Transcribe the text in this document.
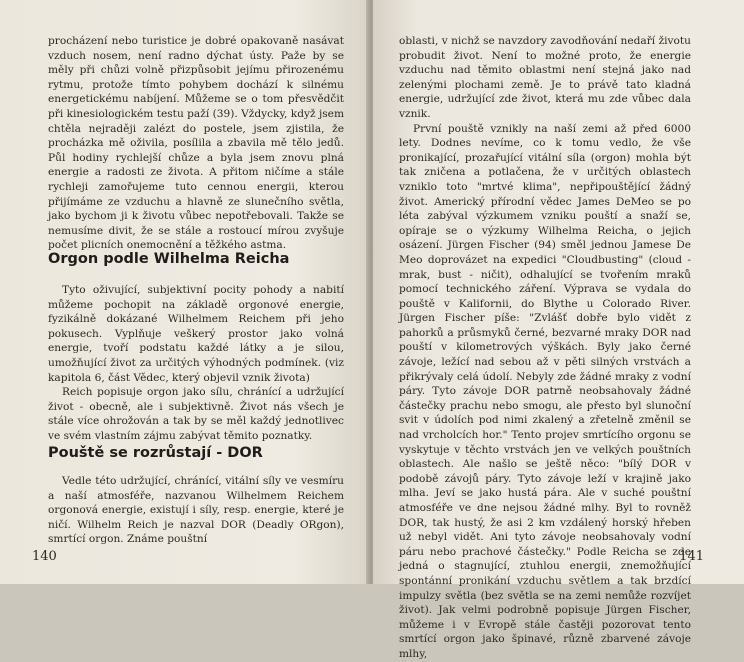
procházení nebo turistice je dobré opakovaně nasávat vzduch nosem, není radno dýchat ústy. Paže by se měly při chůzi volně přizpůsobit jejímu přirozenému rytmu, protože tímto pohybem dochází k silnému energetickému nabíjení. Můžeme se o tom přesvědčit při kinesiologickém testu paží (39). Vždycky, když jsem chtěla nejraději zalézt do postele, jsem zjistila, že procházka mě oživila, posílila a zbavila mě tělo jedů. Půl hodiny rychlejší chůze a byla jsem znovu plná energie a radosti ze života. A přitom ničíme a stále rychleji zamořujeme tuto cennou energii, kterou přijímáme ze vzduchu a hlavně ze slunečního světla, jako bychom ji k životu vůbec nepotřebovali. Takže se nemusíme divit, že se stále a rostoucí mírou zvyšuje počet plicních onemocnění a těžkého astma.

Orgon podle Wilhelma Reicha

Tyto oživující, subjektivní pocity pohody a nabití můžeme pochopit na základě orgonové energie, fyzikálně dokázané Wilhelmem Reichem při jeho pokusech. Vyplňuje veškerý prostor jako volná energie, tvoří podstatu každé látky a je silou, umožňující život za určitých výhodných podmínek. (viz kapitola 6, část Vědec, který objevil vznik života)

Reich popisuje orgon jako sílu, chránící a udržující život - obecně, ale i subjektivně. Život nás všech je stále více ohrožován a tak by se měl každý jednotlivec ve svém vlastním zájmu zabývat těmito poznatky.

Pouště se rozrůstají - DOR

Vedle této udržující, chránící, vitální síly ve vesmíru a naší atmosféře, nazvanou Wilhelmem Reichem orgonová energie, existují i síly, resp. energie, které je ničí. Wilhelm Reich je nazval DOR (Deadly ORgon), smrtící orgon. Známe pouštní

140

oblasti, v nichž se navzdory zavodňování nedaří životu probudit život. Není to možné proto, že energie vzduchu nad těmito oblastmi není stejná jako nad zelenými plochami země. Je to právě tato kladná energie, udržující zde život, která mu zde vůbec dala vznik.

První pouště vznikly na naší zemi až před 6000 lety. Dodnes nevíme, co k tomu vedlo, že vše pronikající, prozařující vitální síla (orgon) mohla být tak zničena a potlačena, že v určitých oblastech vzniklo toto "mrtvé klima", nepřipouštějící žádný život. Americký přírodní vědec James DeMeo se po léta zabýval výzkumem vzniku pouští a snaží se, opíraje se o výzkumy Wilhelma Reicha, o jejich osázení. Jürgen Fischer (94) směl jednou Jamese De Meo doprovázet na expedici "Cloudbusting" (cloud - mrak, bust - ničit), odhalující se tvořením mraků pomocí technického záření. Výprava se vydala do pouště v Kalifornii, do Blythe u Colorado River. Jürgen Fischer píše: "Zvlášť dobře bylo vidět z pahorků a průsmyků černé, bezvarné mraky DOR nad pouští v kilometrových výškách. Byly jako černé závoje, ležící nad sebou až v pěti silných vrstvách a přikrývaly celá údolí. Nebyly zde žádné mraky z vodní páry. Tyto závoje DOR patrně neobsahovaly žádné částečky prachu nebo smogu, ale přesto byl slunoční svit v údolích pod nimi zkalený a zřetelně změnil se nad vrcholcích hor." Tento projev smrtícího orgonu se vyskytuje v těchto vrstvách jen ve velkých pouštních oblastech. Ale našlo se ještě něco: "bílý DOR v podobě závojů páry. Tyto závoje leží v krajině jako mlha. Jeví se jako hustá pára. Ale v suché pouštní atmosféře ve dne nejsou žádné mlhy. Byl to rovněž DOR, tak hustý, že asi 2 km vzdálený horský hřeben už nebyl vidět. Ani tyto závoje neobsahovaly vodní páru nebo prachové částečky." Podle Reicha se zde jedná o stagnující, ztuhlou energii, znemožňující spontánní pronikání vzduchu světlem a tak brzdící impulzy světla (bez světla se na zemi nemůže rozvíjet život). Jak velmi podrobně popisuje Jürgen Fischer, můžeme i v Evropě stále častěji pozorovat tento smrtící orgon jako špinavé, různě zbarvené závoje mlhy,

141
